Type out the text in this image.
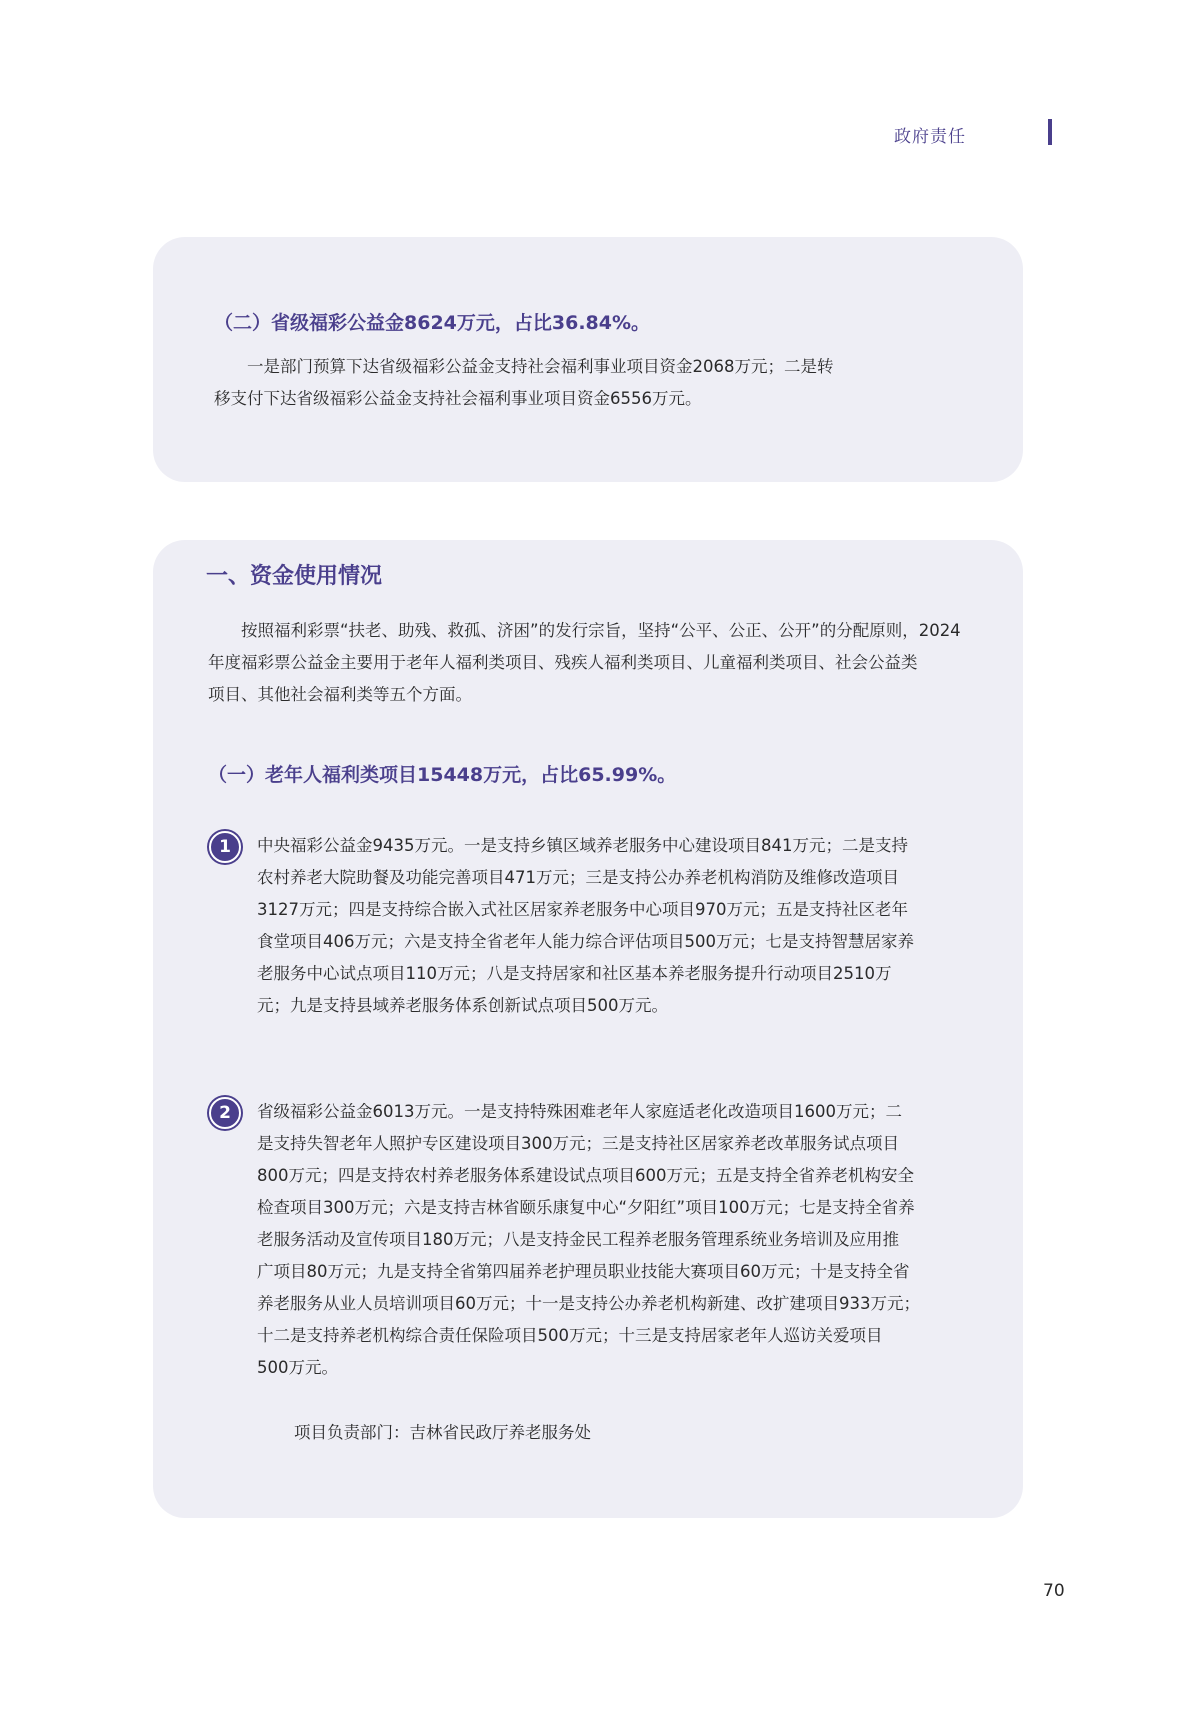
政府责任
（二）省级福彩公益金8624万元，占比36.84%。
　　一是部门预算下达省级福彩公益金支持社会福利事业项目资金2068万元；二是转
移支付下达省级福彩公益金支持社会福利事业项目资金6556万元。
一、资金使用情况
　　按照福利彩票“扶老、助残、救孤、济困”的发行宗旨，坚持“公平、公正、公开”的分配原则，2024
年度福彩票公益金主要用于老年人福利类项目、残疾人福利类项目、儿童福利类项目、社会公益类
项目、其他社会福利类等五个方面。
（一）老年人福利类项目15448万元，占比65.99%。
1	中央福彩公益金9435万元。一是支持乡镇区域养老服务中心建设项目841万元；二是支持
农村养老大院助餐及功能完善项目471万元；三是支持公办养老机构消防及维修改造项目
3127万元；四是支持综合嵌入式社区居家养老服务中心项目970万元；五是支持社区老年
食堂项目406万元；六是支持全省老年人能力综合评估项目500万元；七是支持智慧居家养
老服务中心试点项目110万元；八是支持居家和社区基本养老服务提升行动项目2510万
元；九是支持县域养老服务体系创新试点项目500万元。
2	省级福彩公益金6013万元。一是支持特殊困难老年人家庭适老化改造项目1600万元；二
是支持失智老年人照护专区建设项目300万元；三是支持社区居家养老改革服务试点项目
800万元；四是支持农村养老服务体系建设试点项目600万元；五是支持全省养老机构安全
检查项目300万元；六是支持吉林省颐乐康复中心“夕阳红”项目100万元；七是支持全省养
老服务活动及宣传项目180万元；八是支持金民工程养老服务管理系统业务培训及应用推
广项目80万元；九是支持全省第四届养老护理员职业技能大赛项目60万元；十是支持全省
养老服务从业人员培训项目60万元；十一是支持公办养老机构新建、改扩建项目933万元；
十二是支持养老机构综合责任保险项目500万元；十三是支持居家老年人巡访关爱项目
500万元。
项目负责部门：吉林省民政厅养老服务处
70
